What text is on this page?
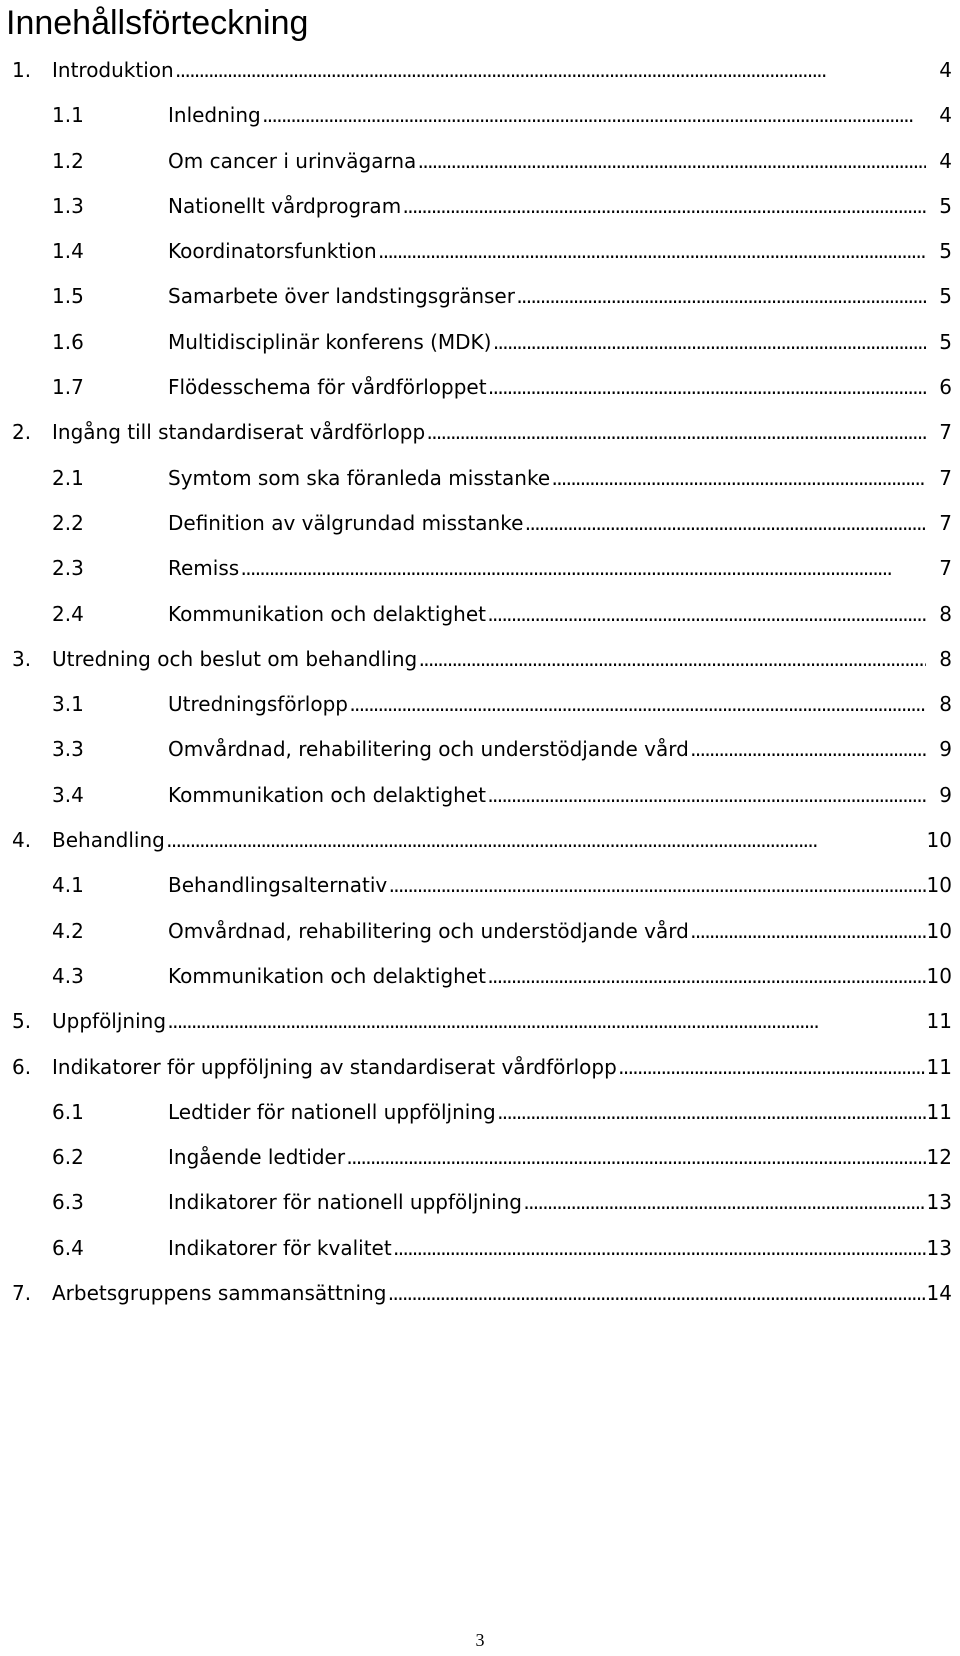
Innehållsförteckning
1. Introduktion . . .	4
1.1	Inledning . . .	4
1.2	Om cancer i urinvägarna . . .	4
1.3	Nationellt vårdprogram . . .	5
1.4	Koordinatorsfunktion . . .	5
1.5	Samarbete över landstingsgränser . . .	5
1.6	Multidisciplinär konferens (MDK) . . .	5
1.7	Flödesschema för vårdförloppet . . .	6
2. Ingång till standardiserat vårdförlopp . . .	7
2.1	Symtom som ska föranleda misstanke . . .	7
2.2	Definition av välgrundad misstanke . . .	7
2.3	Remiss . . .	7
2.4	Kommunikation och delaktighet . . .	8
3. Utredning och beslut om behandling . . .	8
3.1	Utredningsförlopp . . .	8
3.3	Omvårdnad, rehabilitering och understödjande vård . . .	9
3.4	Kommunikation och delaktighet . . .	9
4. Behandling . . .	10
4.1	Behandlingsalternativ . . .	10
4.2	Omvårdnad, rehabilitering och understödjande vård . . .	10
4.3	Kommunikation och delaktighet . . .	10
5. Uppföljning . . .	11
6. Indikatorer för uppföljning av standardiserat vårdförlopp . . .	11
6.1	Ledtider för nationell uppföljning . . .	11
6.2	Ingående ledtider . . .	12
6.3	Indikatorer för nationell uppföljning . . .	13
6.4	Indikatorer för kvalitet . . .	13
7. Arbetsgruppens sammansättning . . .	14
3
